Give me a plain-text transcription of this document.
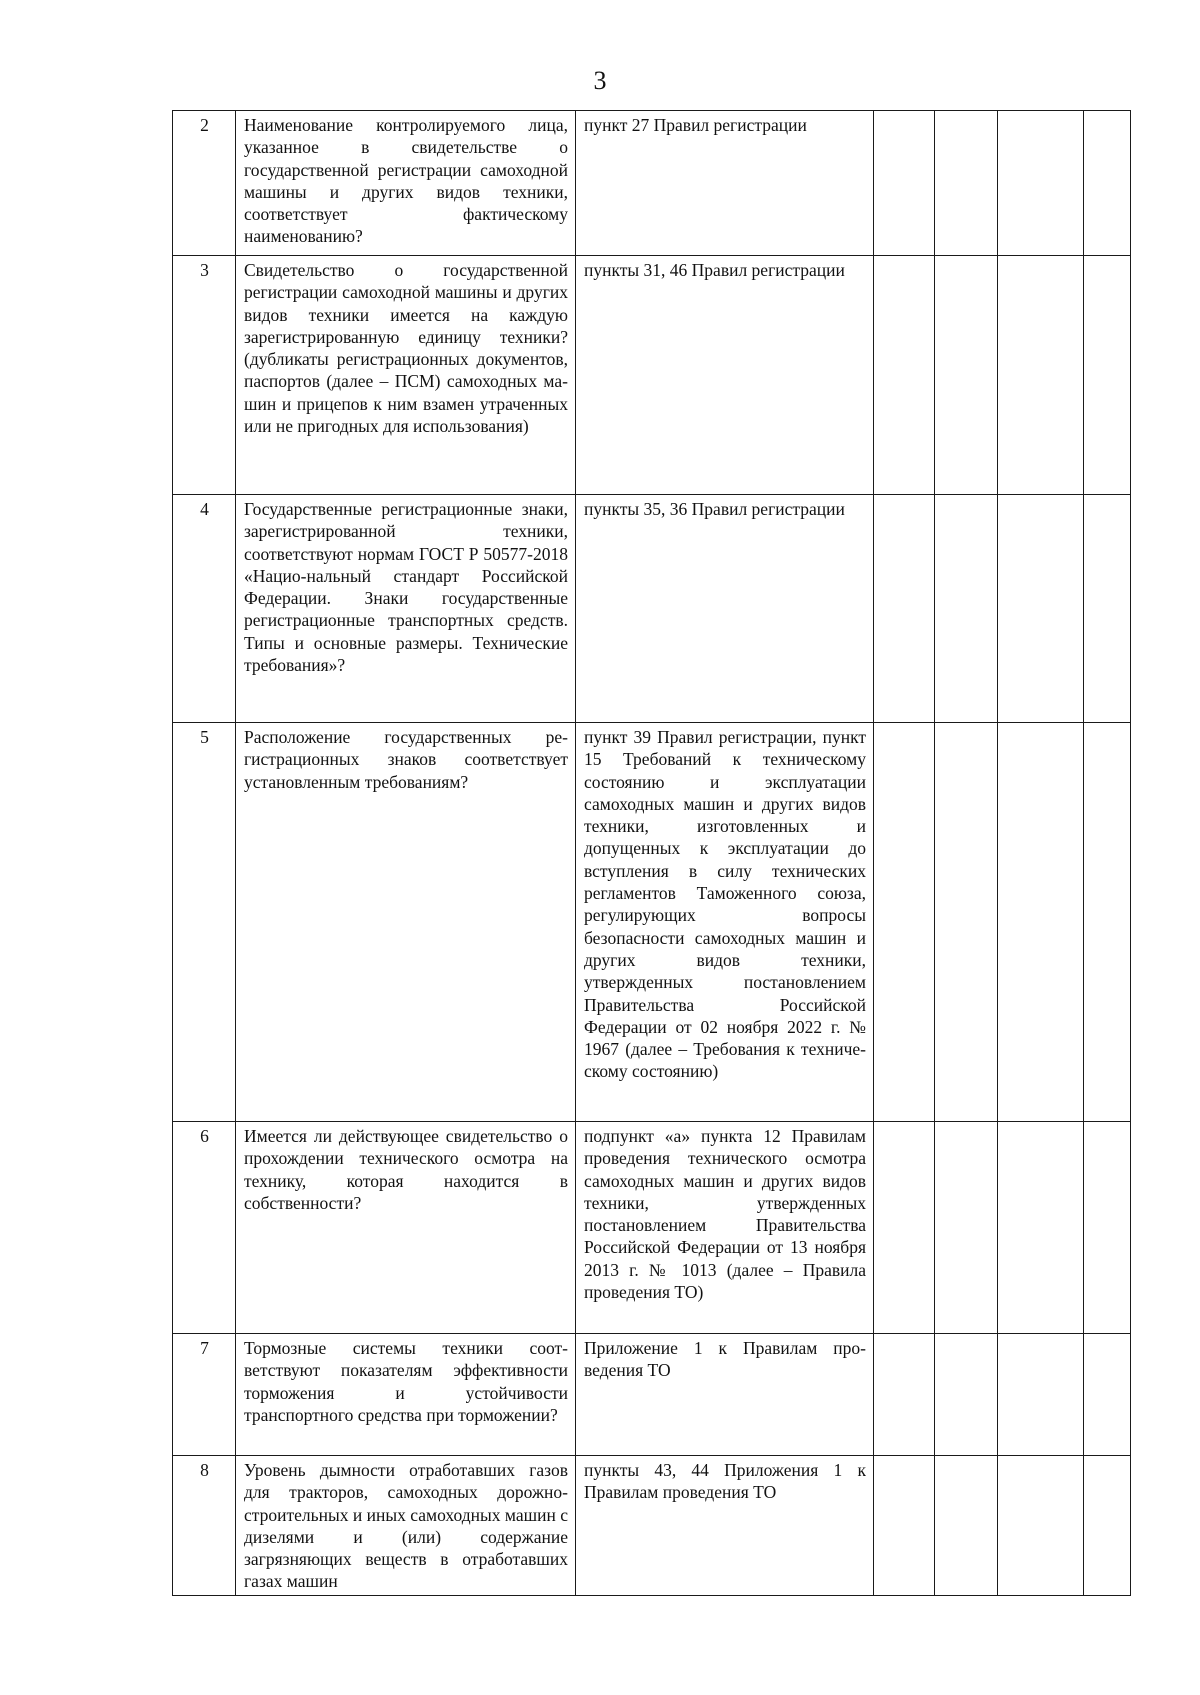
3
2	Наименование контролируемого лица, указанное в свидетельстве о государственной регистрации самоходной машины и других видов техники, соответствует фактическому наименованию?	пункт 27 Правил регистрации				
3	Свидетельство о государственной регистрации самоходной машины и других видов техники имеется на каждую зарегистрированную единицу техники? (дубликаты регистрационных документов, паспортов (далее – ПСМ) самоходных машин и прицепов к ним взамен утраченных или не пригодных для использования)	пункты 31, 46 Правил регистрации				
4	Государственные регистрационные знаки, зарегистрированной техники, соответствуют нормам ГОСТ Р 50577-2018 «Нацио-нальный стандарт Российской Федерации. Знаки государственные регистрационные транспортных средств. Типы и основные размеры. Технические требования»?	пункты 35, 36 Правил регистрации				
5	Расположение государственных регистрационных знаков соответствует установленным требованиям?	пункт 39 Правил регистрации, пункт 15 Требований к техническому состоянию и эксплуатации самоходных машин и других видов техники, изготовленных и допущенных к эксплуатации до вступления в силу технических регламентов Таможенного союза, регулирующих вопросы безопасности самоходных машин и других видов техники, утвержденных постановлением Правительства Российской Федерации от 02 ноября 2022 г. № 1967 (далее – Требования к техническому состоянию)				
6	Имеется ли действующее свидетельство о прохождении технического осмотра на технику, которая находится в собственности?	подпункт «а» пункта 12 Правилам проведения технического осмотра самоходных машин и других видов техники, утвержденных постановлением Правительства Российской Федерации от 13 ноября 2013 г. № 1013 (далее – Правила проведения ТО)				
7	Тормозные системы техники соответствуют показателям эффективности торможения и устойчивости транспортного средства при торможении?	Приложение 1 к Правилам проведения ТО				
8	Уровень дымности отработавших газов для тракторов, самоходных дорожно-строительных и иных самоходных машин с дизелями и (или) содержание загрязняющих веществ в отработавших газах машин	пункты 43, 44 Приложения 1 к Правилам проведения ТО				
